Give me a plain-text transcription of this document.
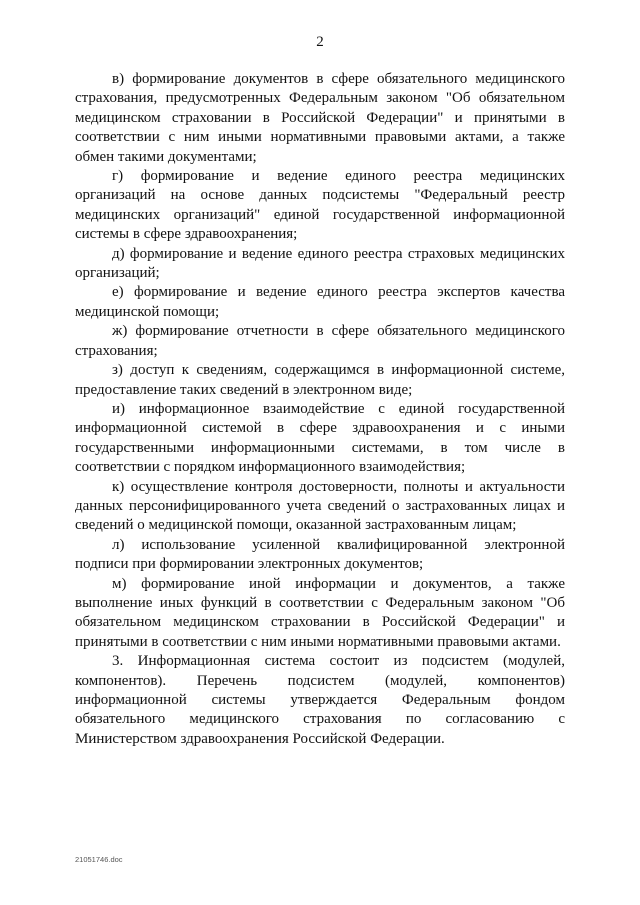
2

в) формирование документов в сфере обязательного медицинского страхования, предусмотренных Федеральным законом "Об обязательном медицинском страховании в Российской Федерации" и принятыми в соответствии с ним иными нормативными правовыми актами, а также обмен такими документами;

г) формирование и ведение единого реестра медицинских организаций на основе данных подсистемы "Федеральный реестр медицинских организаций" единой государственной информационной системы в сфере здравоохранения;

д) формирование и ведение единого реестра страховых медицинских организаций;

е) формирование и ведение единого реестра экспертов качества медицинской помощи;

ж) формирование отчетности в сфере обязательного медицинского страхования;

з) доступ к сведениям, содержащимся в информационной системе, предоставление таких сведений в электронном виде;

и) информационное взаимодействие с единой государственной информационной системой в сфере здравоохранения и с иными государственными информационными системами, в том числе в соответствии с порядком информационного взаимодействия;

к) осуществление контроля достоверности, полноты и актуальности данных персонифицированного учета сведений о застрахованных лицах и сведений о медицинской помощи, оказанной застрахованным лицам;

л) использование усиленной квалифицированной электронной подписи при формировании электронных документов;

м) формирование иной информации и документов, а также выполнение иных функций в соответствии с Федеральным законом "Об обязательном медицинском страховании в Российской Федерации" и принятыми в соответствии с ним иными нормативными правовыми актами.

3. Информационная система состоит из подсистем (модулей, компонентов). Перечень подсистем (модулей, компонентов) информационной системы утверждается Федеральным фондом обязательного медицинского страхования по согласованию с Министерством здравоохранения Российской Федерации.

21051746.doc
